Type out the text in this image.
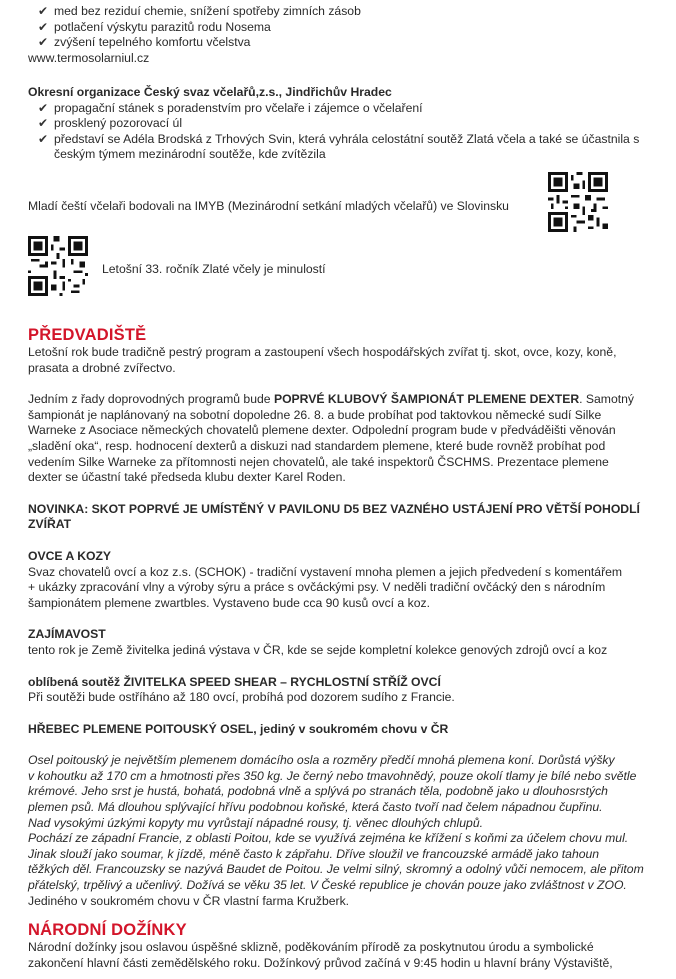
✔ med bez reziduí chemie, snížení spotřeby zimních zásob
✔ potlačení výskytu parazitů rodu Nosema
✔ zvýšení tepelného komfortu včelstva

www.termosolarniul.cz

Okresní organizace Český svaz včelařů,z.s., Jindřichův Hradec

✔ propagační stánek s poradenstvím pro včelaře i zájemce o včelaření
✔ prosklený pozorovací úl
✔ představí se Adéla Brodská z Trhových Svin, která vyhrála celostátní soutěž Zlatá včela a také se účastnila s
českým týmem mezinárodní soutěže, kde zvítězila

Mladí čeští včelaři bodovali na IMYB (Mezinárodní setkání mladých včelařů) ve Slovinsku

Letošní 33. ročník Zlaté včely je minulostí

PŘEDVADIŠTĚ

Letošní rok bude tradičně pestrý program a zastoupení všech hospodářských zvířat tj. skot, ovce, kozy, koně,

prasata a drobné zvířectvo.

Jedním z řady doprovodných programů bude POPRVÉ KLUBOVÝ ŠAMPIONÁT PLEMENE DEXTER. Samotný

šampionát je naplánovaný na sobotní dopoledne 26. 8. a bude probíhat pod taktovkou německé sudí Silke

Warneke z Asociace německých chovatelů plemene dexter. Odpolední program bude v předváděišti věnován

„sladění oka“, resp. hodnocení dexterů a diskuzi nad standardem plemene, které bude rovněž probíhat pod

vedením Silke Warneke za přítomnosti nejen chovatelů, ale také inspektorů ČSCHMS. Prezentace plemene

dexter se účastní také předseda klubu dexter Karel Roden.

NOVINKA: SKOT POPRVÉ JE UMÍSTĚNÝ V PAVILONU D5 BEZ VAZNÉHO USTÁJENÍ PRO VĚTŠÍ POHODLÍ ZVÍŘAT

OVCE A KOZY

Svaz chovatelů ovcí a koz z.s. (SCHOK) - tradiční vystavení mnoha plemen a jejich předvedení s komentářem

+ ukázky zpracování vlny a výroby sýru a práce s ovčáckými psy. V neděli tradiční ovčácký den s národním

šampionátem plemene zwartbles. Vystaveno bude cca 90 kusů ovcí a koz.

ZAJÍMAVOST

tento rok je Země živitelka jediná výstava v ČR, kde se sejde kompletní kolekce genových zdrojů ovcí a koz

oblíbená soutěž ŽIVITELKA SPEED SHEAR – RYCHLOSTNÍ STŘÍŽ OVCÍ

Při soutěži bude ostříháno až 180 ovcí, probíhá pod dozorem sudího z Francie.

HŘEBEC PLEMENE POITOUSKÝ OSEL, jediný v soukromém chovu v ČR

Osel poitouský je největším plemenem domácího osla a rozměry předčí mnohá plemena koní. Dorůstá výšky

v kohoutku až 170 cm a hmotnosti přes 350 kg. Je černý nebo tmavohnědý, pouze okolí tlamy je bílé nebo světle

krémové. Jeho srst je hustá, bohatá, podobná vlně a splývá po stranách těla, podobně jako u dlouhosrstých

plemen psů. Má dlouhou splývající hřívu podobnou koňské, která často tvoří nad čelem nápadnou čupřinu.

Nad vysokými úzkými kopyty mu vyrůstají nápadné rousy, tj. věnec dlouhých chlupů.

Pochází ze západní Francie, z oblasti Poitou, kde se využívá zejména ke křížení s koňmi za účelem chovu mul.

Jinak slouží jako soumar, k jízdě, méně často k zápřahu. Dříve sloužil ve francouzské armádě jako tahoun

těžkých děl. Francouzsky se nazývá Baudet de Poitou. Je velmi silný, skromný a odolný vůči nemocem, ale přitom

přátelský, trpělivý a učenlivý. Dožívá se věku 35 let. V České republice je chován pouze jako zvláštnost v ZOO.

Jediného v soukromém chovu v ČR vlastní farma Kružberk.

NÁRODNÍ DOŽÍNKY

Národní dožínky jsou oslavou úspěšné sklizně, poděkováním přírodě za poskytnutou úrodu a symbolické

zakončení hlavní části zemědělského roku. Dožínkový průvod začíná v 9:45 hodin u hlavní brány Výstaviště,
